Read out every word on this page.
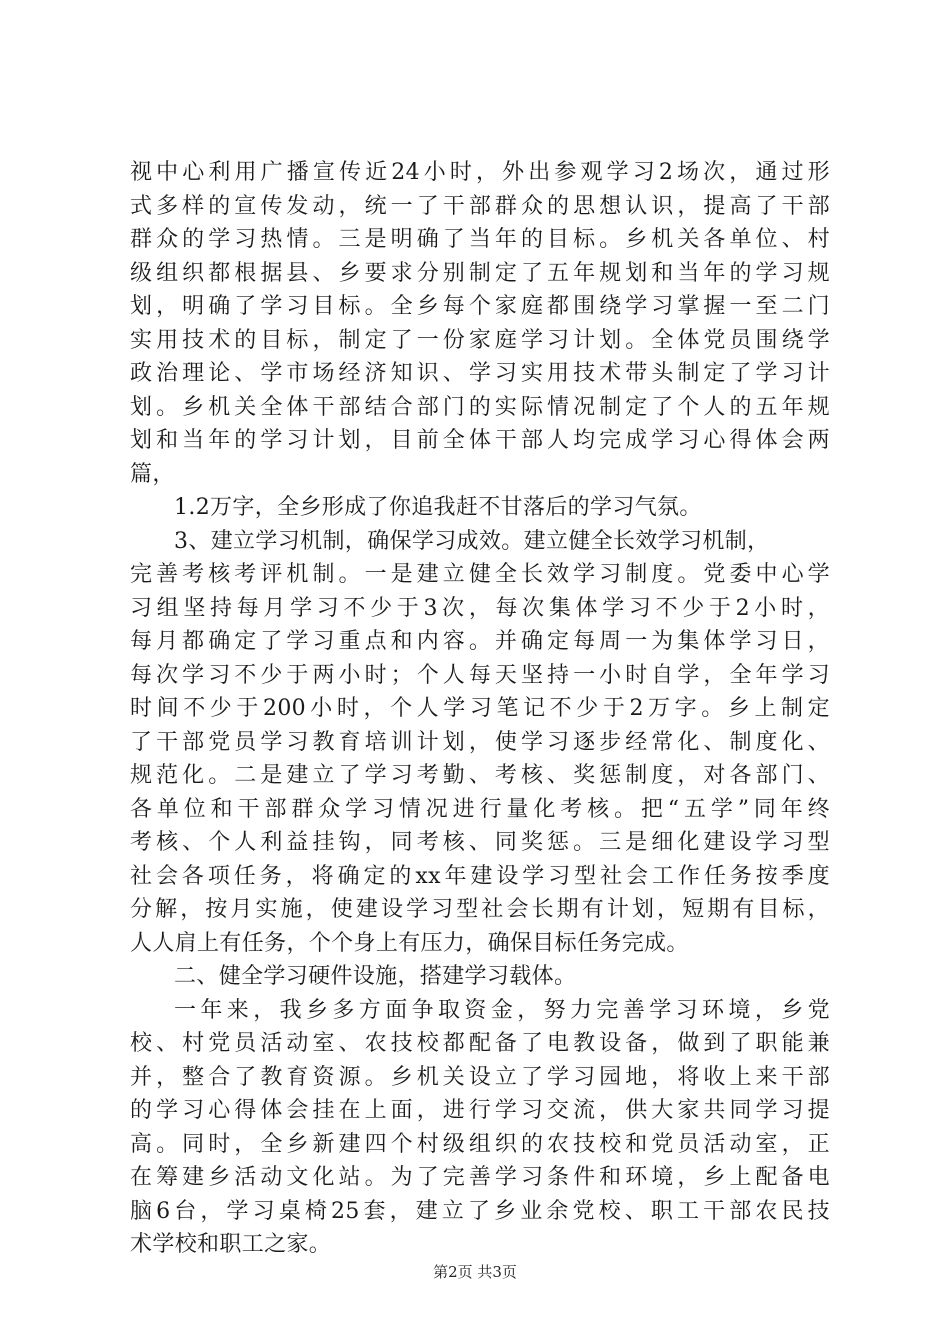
视中心利用广播宣传近24小时，外出参观学习2场次，通过形
式多样的宣传发动，统一了干部群众的思想认识，提高了干部
群众的学习热情。三是明确了当年的目标。乡机关各单位、村
级组织都根据县、乡要求分别制定了五年规划和当年的学习规
划，明确了学习目标。全乡每个家庭都围绕学习掌握一至二门
实用技术的目标，制定了一份家庭学习计划。全体党员围绕学
政治理论、学市场经济知识、学习实用技术带头制定了学习计
划。乡机关全体干部结合部门的实际情况制定了个人的五年规
划和当年的学习计划，目前全体干部人均完成学习心得体会两
篇，
1.2万字，全乡形成了你追我赶不甘落后的学习气氛。
3、建立学习机制，确保学习成效。建立健全长效学习机制，
完善考核考评机制。一是建立健全长效学习制度。党委中心学
习组坚持每月学习不少于3次，每次集体学习不少于2小时，
每月都确定了学习重点和内容。并确定每周一为集体学习日，
每次学习不少于两小时；个人每天坚持一小时自学，全年学习
时间不少于200小时，个人学习笔记不少于2万字。乡上制定
了干部党员学习教育培训计划，使学习逐步经常化、制度化、
规范化。二是建立了学习考勤、考核、奖惩制度，对各部门、
各单位和干部群众学习情况进行量化考核。把“五学”同年终
考核、个人利益挂钩，同考核、同奖惩。三是细化建设学习型
社会各项任务，将确定的xx年建设学习型社会工作任务按季度
分解，按月实施，使建设学习型社会长期有计划，短期有目标，
人人肩上有任务，个个身上有压力，确保目标任务完成。
二、健全学习硬件设施，搭建学习载体。
一年来，我乡多方面争取资金，努力完善学习环境，乡党
校、村党员活动室、农技校都配备了电教设备，做到了职能兼
并，整合了教育资源。乡机关设立了学习园地，将收上来干部
的学习心得体会挂在上面，进行学习交流，供大家共同学习提
高。同时，全乡新建四个村级组织的农技校和党员活动室，正
在筹建乡活动文化站。为了完善学习条件和环境，乡上配备电
脑6台，学习桌椅25套，建立了乡业余党校、职工干部农民技
术学校和职工之家。
第2页 共3页
